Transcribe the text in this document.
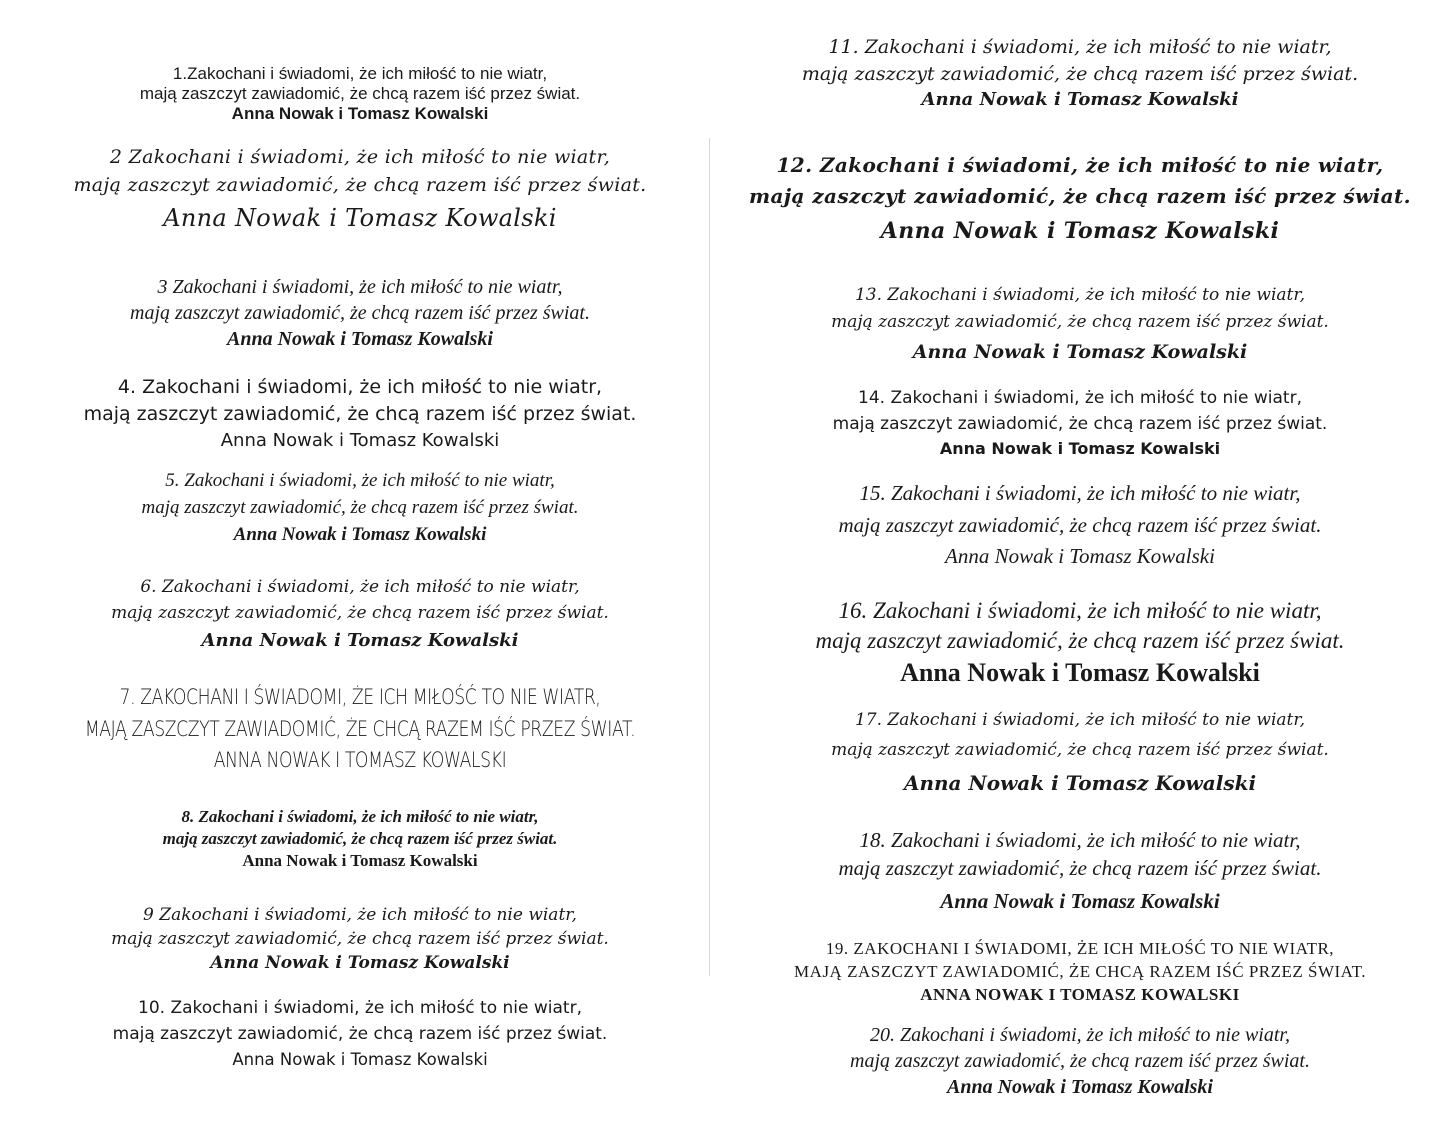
1.Zakochani i świadomi, że ich miłość to nie wiatr,
mają zaszczyt zawiadomić, że chcą razem iść przez świat.
Anna Nowak i Tomasz Kowalski
2 Zakochani i świadomi, że ich miłość to nie wiatr,
mają zaszczyt zawiadomić, że chcą razem iść przez świat.
Anna Nowak i Tomasz Kowalski
3 Zakochani i świadomi, że ich miłość to nie wiatr,
mają zaszczyt zawiadomić, że chcą razem iść przez świat.
Anna Nowak i Tomasz Kowalski
4. Zakochani i świadomi, że ich miłość to nie wiatr,
mają zaszczyt zawiadomić, że chcą razem iść przez świat.
Anna Nowak i Tomasz Kowalski
5. Zakochani i świadomi, że ich miłość to nie wiatr,
mają zaszczyt zawiadomić, że chcą razem iść przez świat.
Anna Nowak i Tomasz Kowalski
6. Zakochani i świadomi, że ich miłość to nie wiatr,
mają zaszczyt zawiadomić, że chcą razem iść przez świat.
Anna Nowak i Tomasz Kowalski
7. ZAKOCHANI I ŚWIADOMI, ŻE ICH MIŁOŚĆ TO NIE WIATR,
MAJĄ ZASZCZYT ZAWIADOMIĆ, ŻE CHCĄ RAZEM IŚĆ PRZEZ ŚWIAT.
ANNA NOWAK I TOMASZ KOWALSKI
8. Zakochani i świadomi, że ich miłość to nie wiatr,
mają zaszczyt zawiadomić, że chcą razem iść przez świat.
Anna Nowak i Tomasz Kowalski
9 Zakochani i świadomi, że ich miłość to nie wiatr,
mają zaszczyt zawiadomić, że chcą razem iść przez świat.
Anna Nowak i Tomasz Kowalski
10. Zakochani i świadomi, że ich miłość to nie wiatr,
mają zaszczyt zawiadomić, że chcą razem iść przez świat.
Anna Nowak i Tomasz Kowalski
11. Zakochani i świadomi, że ich miłość to nie wiatr,
mają zaszczyt zawiadomić, że chcą razem iść przez świat.
Anna Nowak i Tomasz Kowalski
12. Zakochani i świadomi, że ich miłość to nie wiatr,
mają zaszczyt zawiadomić, że chcą razem iść przez świat.
Anna Nowak i Tomasz Kowalski
13. Zakochani i świadomi, że ich miłość to nie wiatr,
mają zaszczyt zawiadomić, że chcą razem iść przez świat.
Anna Nowak i Tomasz Kowalski
14. Zakochani i świadomi, że ich miłość to nie wiatr,
mają zaszczyt zawiadomić, że chcą razem iść przez świat.
Anna Nowak i Tomasz Kowalski
15. Zakochani i świadomi, że ich miłość to nie wiatr,
mają zaszczyt zawiadomić, że chcą razem iść przez świat.
Anna Nowak i Tomasz Kowalski
16. Zakochani i świadomi, że ich miłość to nie wiatr,
mają zaszczyt zawiadomić, że chcą razem iść przez świat.
Anna Nowak i Tomasz Kowalski
17. Zakochani i świadomi, że ich miłość to nie wiatr,
mają zaszczyt zawiadomić, że chcą razem iść przez świat.
Anna Nowak i Tomasz Kowalski
18. Zakochani i świadomi, że ich miłość to nie wiatr,
mają zaszczyt zawiadomić, że chcą razem iść przez świat.
Anna Nowak i Tomasz Kowalski
19. ZAKOCHANI I ŚWIADOMI, ŻE ICH MIŁOŚĆ TO NIE WIATR,
MAJĄ ZASZCZYT ZAWIADOMIĆ, ŻE CHCĄ RAZEM IŚĆ PRZEZ ŚWIAT.
ANNA NOWAK I TOMASZ KOWALSKI
20. Zakochani i świadomi, że ich miłość to nie wiatr,
mają zaszczyt zawiadomić, że chcą razem iść przez świat.
Anna Nowak i Tomasz Kowalski
